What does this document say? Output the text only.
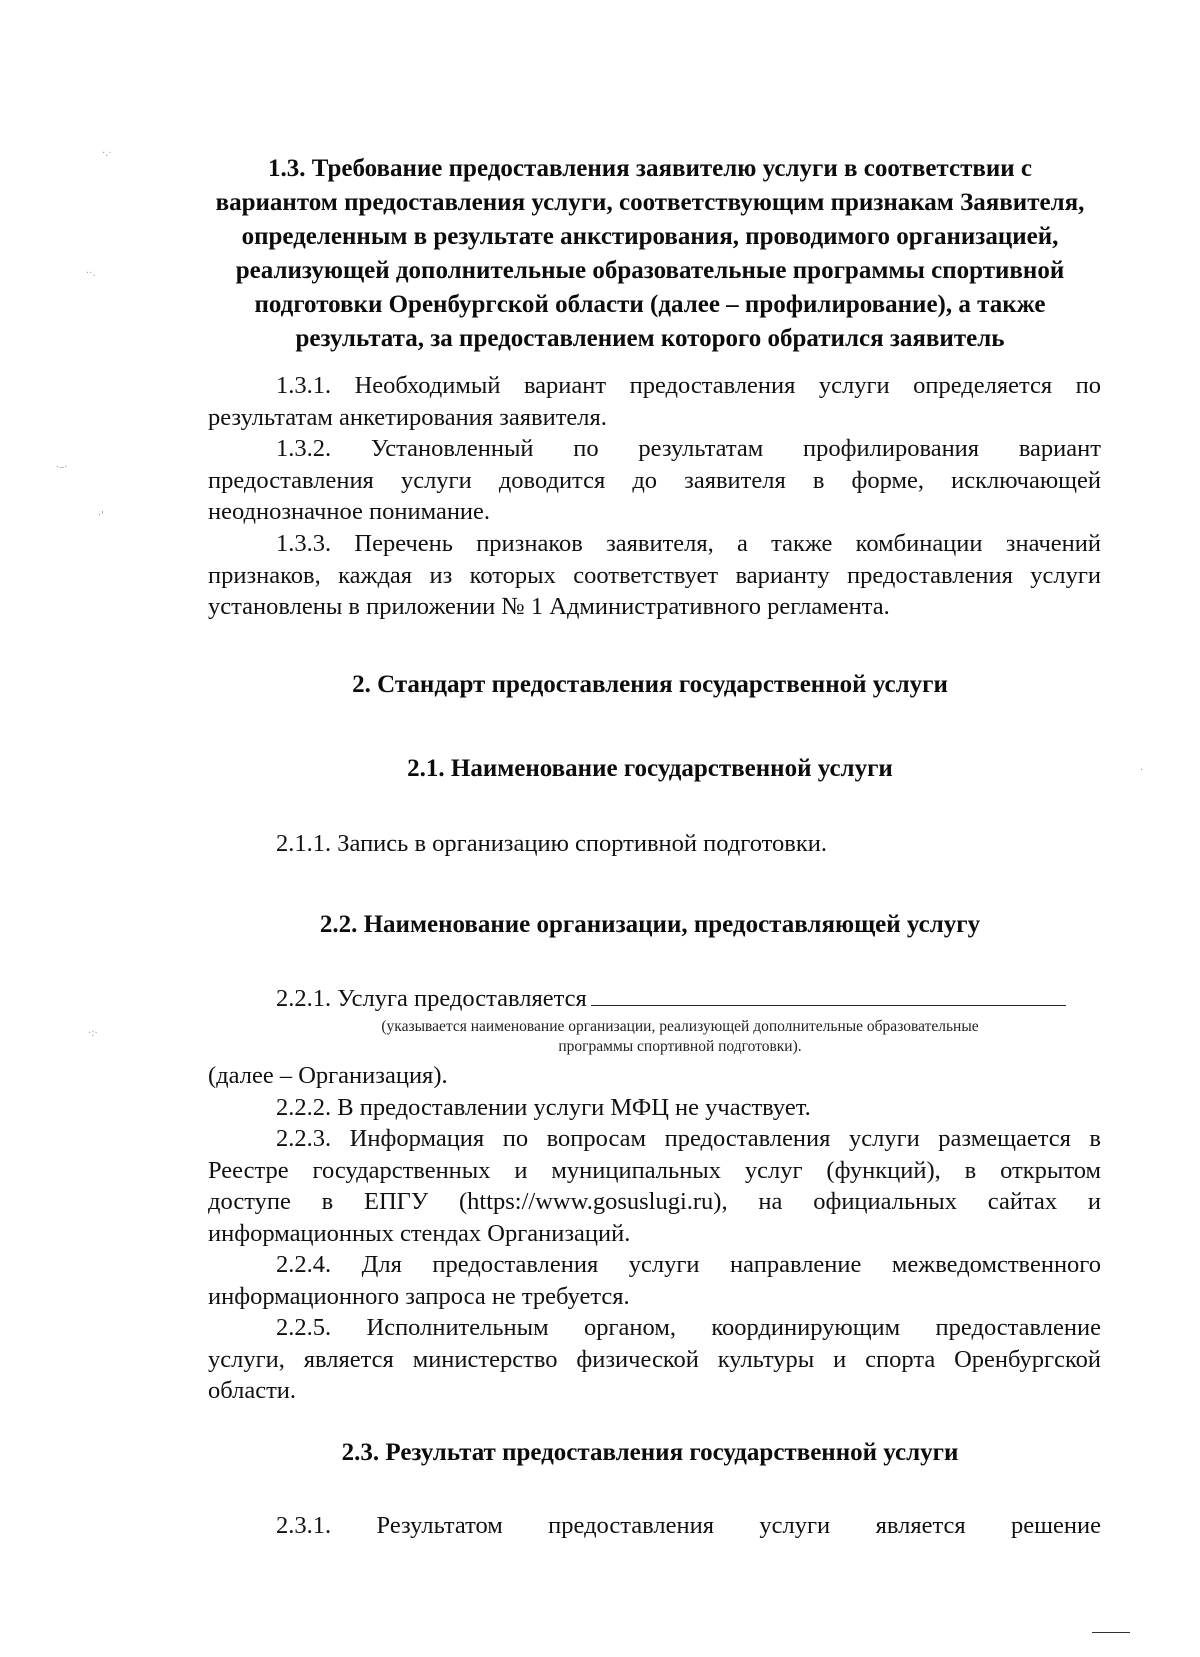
·.·
··.
·–·
·'
·:·
·
1.3. Требование предоставления заявителю услуги в соответствии с
вариантом предоставления услуги, соответствующим признакам Заявителя,
определенным в результате анкстирования, проводимого организацией,
реализующей дополнительные образовательные программы спортивной
подготовки Оренбургской области (далее – профилирование), а также
результата, за предоставлением которого обратился заявитель
1.3.1. Необходимый вариант предоставления услуги определяется по
результатам анкетирования заявителя.
1.3.2. Установленный по результатам профилирования вариант
предоставления услуги доводится до заявителя в форме, исключающей
неоднозначное понимание.
1.3.3. Перечень признаков заявителя, а также комбинации значений
признаков, каждая из которых соответствует варианту предоставления услуги
установлены в приложении № 1 Административного регламента.
2. Стандарт предоставления государственной услуги
2.1. Наименование государственной услуги
2.1.1. Запись в организацию спортивной подготовки.
2.2. Наименование организации, предоставляющей услугу
2.2.1. Услуга предоставляется
(указывается наименование организации, реализующей дополнительные образовательные
программы спортивной подготовки).
(далее – Организация).
2.2.2. В предоставлении услуги МФЦ не участвует.
2.2.3. Информация по вопросам предоставления услуги размещается в
Реестре государственных и муниципальных услуг (функций), в открытом
доступе в ЕПГУ (https://www.gosuslugi.ru), на официальных сайтах и
информационных стендах Организаций.
2.2.4. Для предоставления услуги направление межведомственного
информационного запроса не требуется.
2.2.5. Исполнительным органом, координирующим предоставление
услуги, является министерство физической культуры и спорта Оренбургской
области.
2.3. Результат предоставления государственной услуги
2.3.1. Результатом предоставления услуги является решение
